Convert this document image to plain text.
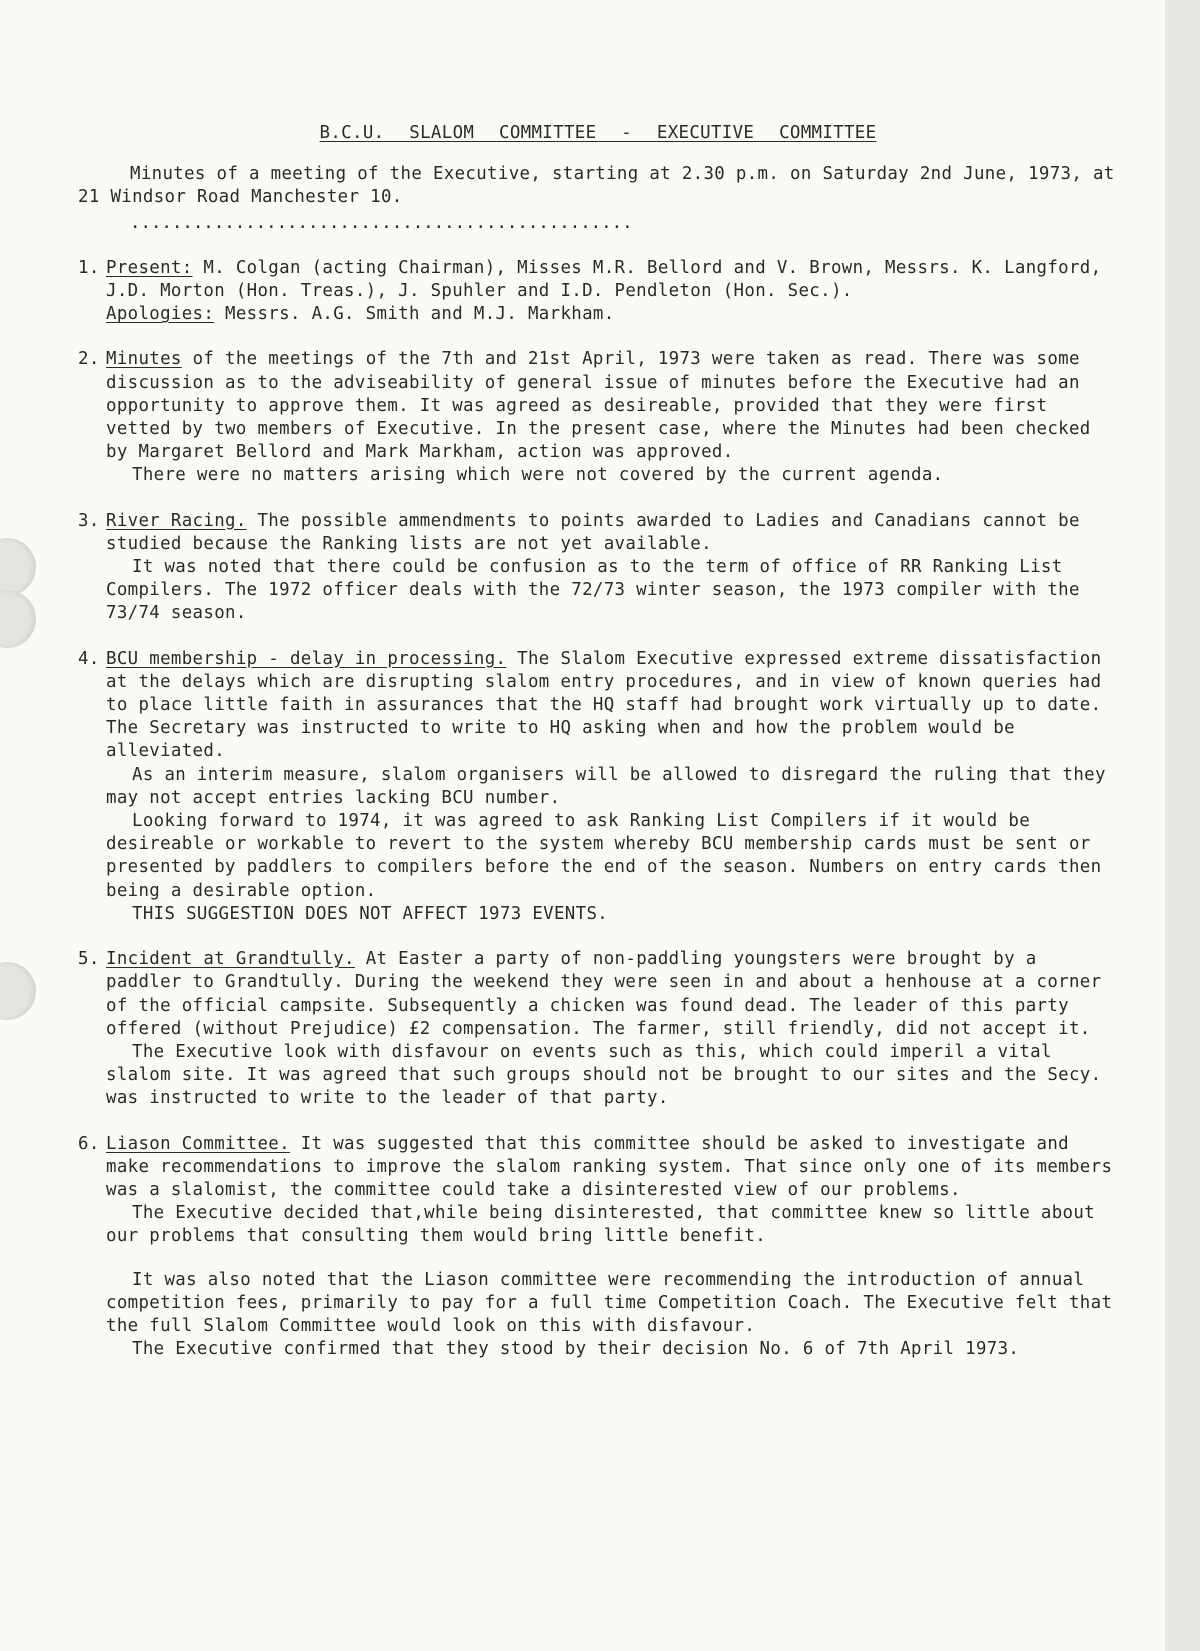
B.C.U. SLALOM COMMITTEE - EXECUTIVE COMMITTEE

Minutes of a meeting of the Executive, starting at 2.30 p.m. on Saturday 2nd June, 1973, at 21 Windsor Road Manchester 10.

................................................
1. Present: M. Colgan (acting Chairman), Misses M.R. Bellord and V. Brown, Messrs. K. Langford, J.D. Morton (Hon. Treas.), J. Spuhler and I.D. Pendleton (Hon. Sec.).

Apologies: Messrs. A.G. Smith and M.J. Markham.

2. Minutes of the meetings of the 7th and 21st April, 1973 were taken as read. There was some discussion as to the adviseability of general issue of minutes before the Executive had an opportunity to approve them. It was agreed as desireable, provided that they were first vetted by two members of Executive. In the present case, where the Minutes had been checked by Margaret Bellord and Mark Markham, action was approved.

There were no matters arising which were not covered by the current agenda.

3. River Racing. The possible ammendments to points awarded to Ladies and Canadians cannot be studied because the Ranking lists are not yet available.

It was noted that there could be confusion as to the term of office of RR Ranking List Compilers. The 1972 officer deals with the 72/73 winter season, the 1973 compiler with the 73/74 season.

4. BCU membership - delay in processing. The Slalom Executive expressed extreme dissatisfaction at the delays which are disrupting slalom entry procedures, and in view of known queries had to place little faith in assurances that the HQ staff had brought work virtually up to date. The Secretary was instructed to write to HQ asking when and how the problem would be alleviated.

As an interim measure, slalom organisers will be allowed to disregard the ruling that they may not accept entries lacking BCU number.

Looking forward to 1974, it was agreed to ask Ranking List Compilers if it would be desireable or workable to revert to the system whereby BCU membership cards must be sent or presented by paddlers to compilers before the end of the season. Numbers on entry cards then being a desirable option.

THIS SUGGESTION DOES NOT AFFECT 1973 EVENTS.

5. Incident at Grandtully. At Easter a party of non-paddling youngsters were brought by a paddler to Grandtully. During the weekend they were seen in and about a henhouse at a corner of the official campsite. Subsequently a chicken was found dead. The leader of this party offered (without Prejudice) £2 compensation. The farmer, still friendly, did not accept it.

The Executive look with disfavour on events such as this, which could imperil a vital slalom site. It was agreed that such groups should not be brought to our sites and the Secy. was instructed to write to the leader of that party.

6. Liason Committee. It was suggested that this committee should be asked to investigate and make recommendations to improve the slalom ranking system. That since only one of its members was a slalomist, the committee could take a disinterested view of our problems.

The Executive decided that,while being disinterested, that committee knew so little about our problems that consulting them would bring little benefit.

It was also noted that the Liason committee were recommending the introduction of annual competition fees, primarily to pay for a full time Competition Coach. The Executive felt that the full Slalom Committee would look on this with disfavour.

The Executive confirmed that they stood by their decision No. 6 of 7th April 1973.
